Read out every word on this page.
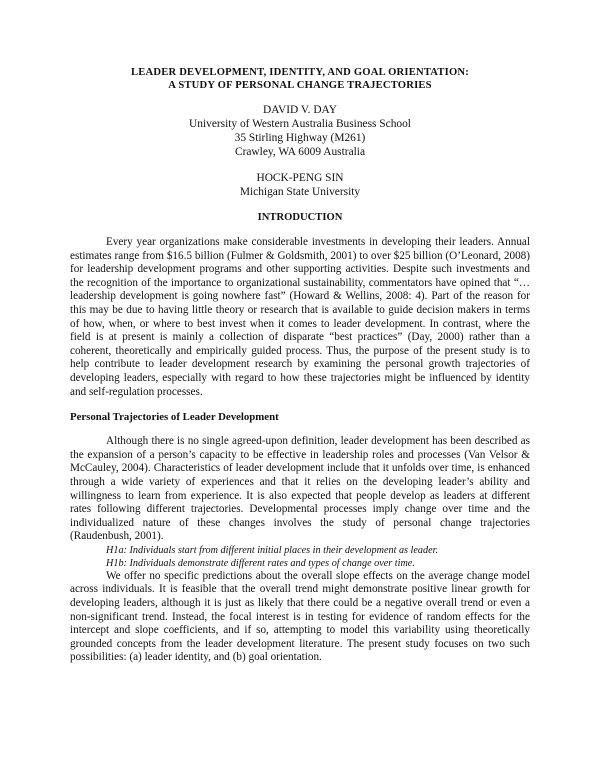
LEADER DEVELOPMENT, IDENTITY, AND GOAL ORIENTATION:
A STUDY OF PERSONAL CHANGE TRAJECTORIES
DAVID V. DAY
University of Western Australia Business School
35 Stirling Highway (M261)
Crawley, WA 6009 Australia
HOCK-PENG SIN
Michigan State University
INTRODUCTION

Every year organizations make considerable investments in developing their leaders. Annual estimates range from $16.5 billion (Fulmer & Goldsmith, 2001) to over $25 billion (O’Leonard, 2008) for leadership development programs and other supporting activities. Despite such investments and the recognition of the importance to organizational sustainability, commentators have opined that “…leadership development is going nowhere fast” (Howard & Wellins, 2008: 4). Part of the reason for this may be due to having little theory or research that is available to guide decision makers in terms of how, when, or where to best invest when it comes to leader development. In contrast, where the field is at present is mainly a collection of disparate “best practices” (Day, 2000) rather than a coherent, theoretically and empirically guided process. Thus, the purpose of the present study is to help contribute to leader development research by examining the personal growth trajectories of developing leaders, especially with regard to how these trajectories might be influenced by identity and self-regulation processes.

Personal Trajectories of Leader Development

Although there is no single agreed-upon definition, leader development has been described as the expansion of a person’s capacity to be effective in leadership roles and processes (Van Velsor & McCauley, 2004). Characteristics of leader development include that it unfolds over time, is enhanced through a wide variety of experiences and that it relies on the developing leader’s ability and willingness to learn from experience. It is also expected that people develop as leaders at different rates following different trajectories. Developmental processes imply change over time and the individualized nature of these changes involves the study of personal change trajectories (Raudenbush, 2001).

H1a: Individuals start from different initial places in their development as leader.
H1b: Individuals demonstrate different rates and types of change over time.

We offer no specific predictions about the overall slope effects on the average change model across individuals. It is feasible that the overall trend might demonstrate positive linear growth for developing leaders, although it is just as likely that there could be a negative overall trend or even a non-significant trend. Instead, the focal interest is in testing for evidence of random effects for the intercept and slope coefficients, and if so, attempting to model this variability using theoretically grounded concepts from the leader development literature. The present study focuses on two such possibilities: (a) leader identity, and (b) goal orientation.
